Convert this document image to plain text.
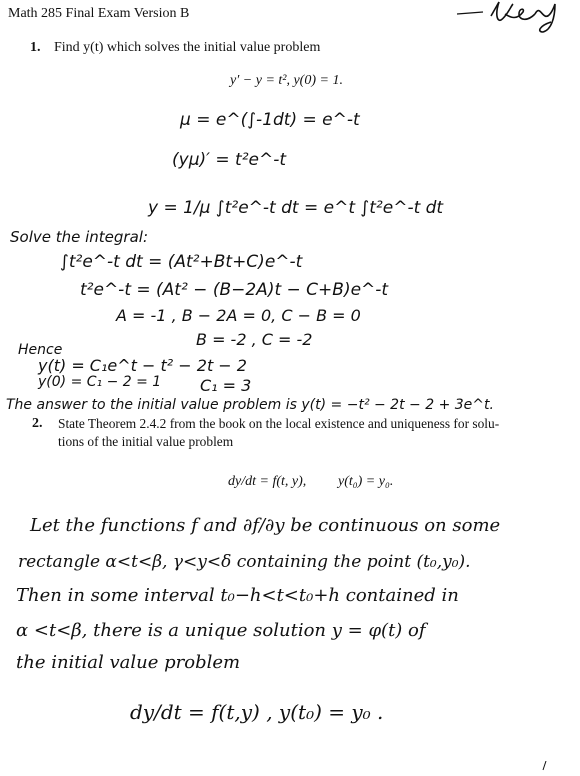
Math 285 Final Exam Version B
1. Find y(t) which solves the initial value problem
y′ − y = t², y(0) = 1.
μ = e^(∫-1dt) = e^-t
(yμ)′ = t²e^-t
y = 1/μ ∫t²e^-t dt = e^t ∫t²e^-t dt
Solve the integral:
∫t²e^-t dt = (At²+Bt+C)e^-t
t²e^-t = (At² − (B−2A)t − C+B)e^-t
A = -1 , B − 2A = 0, C − B = 0
B = -2 , C = -2
Hence
y(t) = C₁e^t − t² − 2t − 2
y(0) = C₁ − 2 = 1 C₁ = 3
The answer to the initial value problem is y(t) = −t² − 2t − 2 + 3e^t.
2. State Theorem 2.4.2 from the book on the local existence and uniqueness for solu-
tions of the initial value problem
dy/dt = f(t, y), y(t₀) = y₀.
Let the functions f and ∂f/∂y be continuous on some
rectangle α<t<β, γ<y<δ containing the point (t₀,y₀).
Then in some interval t₀−h<t<t₀+h contained in
α <t<β, there is a unique solution y = φ(t) of
the initial value problem
dy/dt = f(t,y) , y(t₀) = y₀ .
